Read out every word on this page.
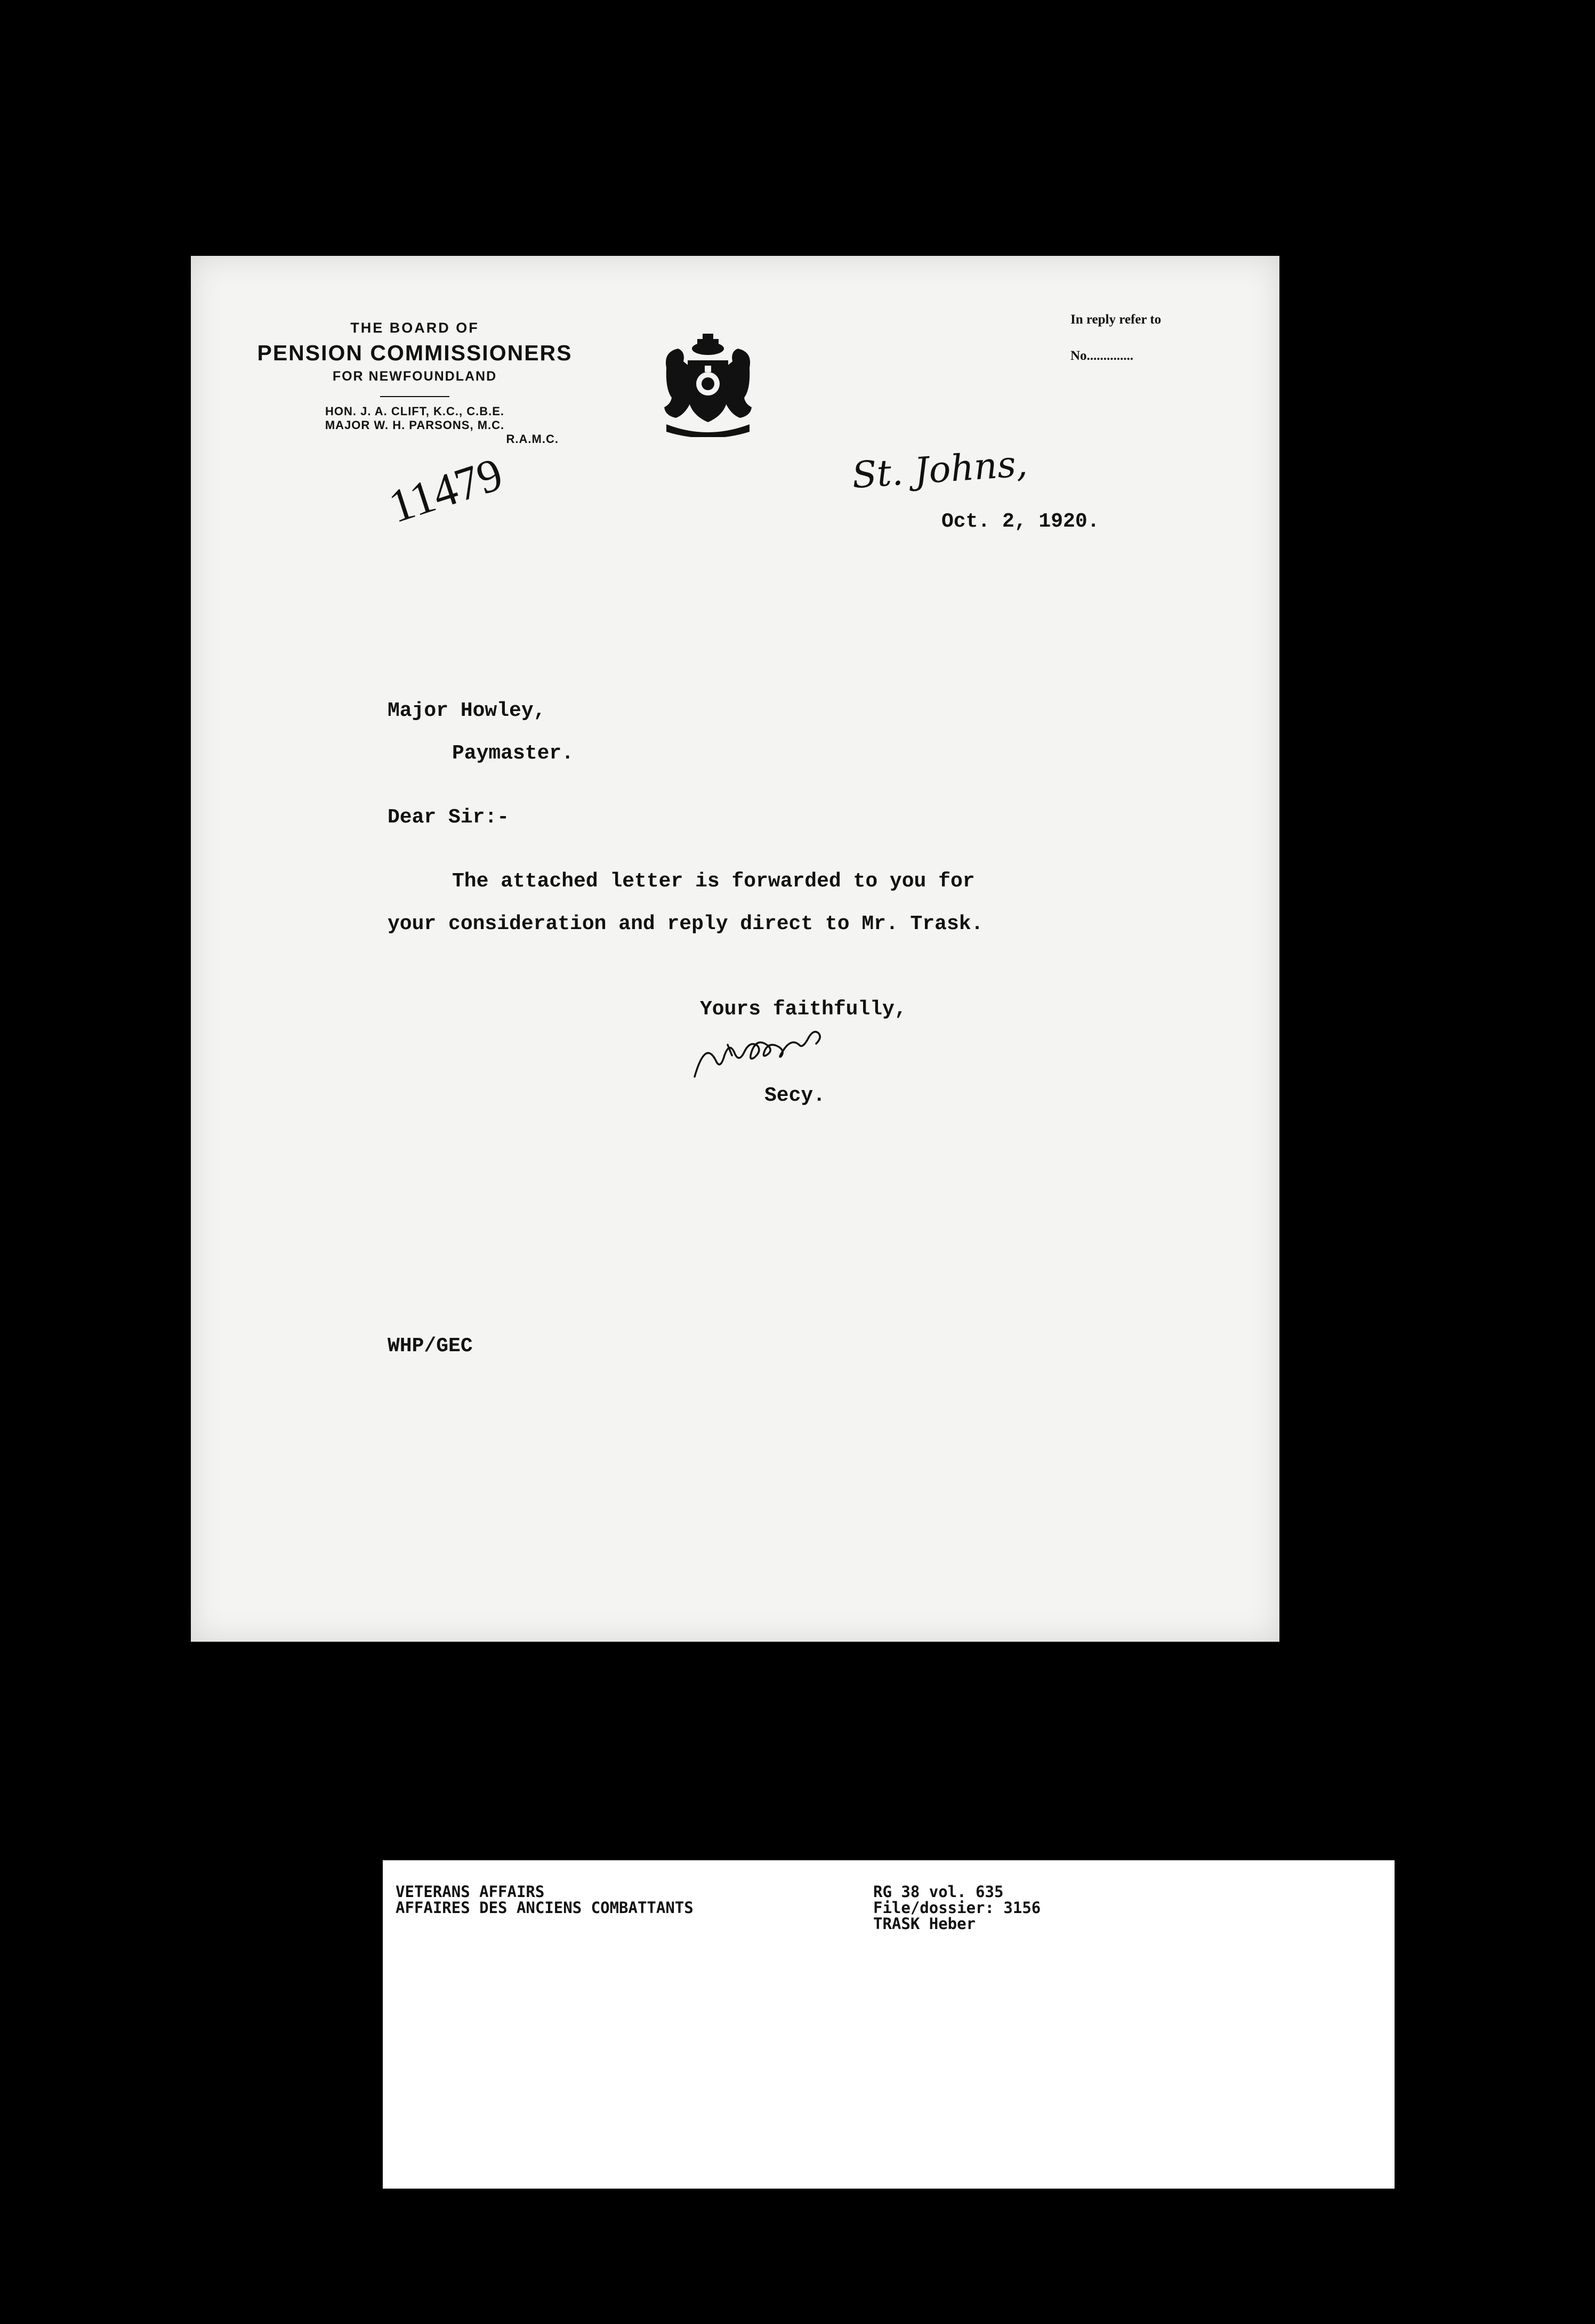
THE BOARD OF
PENSION COMMISSIONERS
FOR NEWFOUNDLAND
HON. J. A. CLIFT, K.C., C.B.E.
MAJOR W. H. PARSONS, M.C.
R.A.M.C.
In reply refer to
No..............
St. Johns,
11479	Oct. 2, 1920.
Major Howley,
Paymaster.
Dear Sir:-
The attached letter is forwarded to you for
your consideration and reply direct to Mr. Trask.
Yours faithfully,
Secy.
WHP/GEC
VETERANS AFFAIRS
AFFAIRES DES ANCIENS COMBATTANTS
RG 38 vol. 635
File/dossier: 3156
TRASK Heber
